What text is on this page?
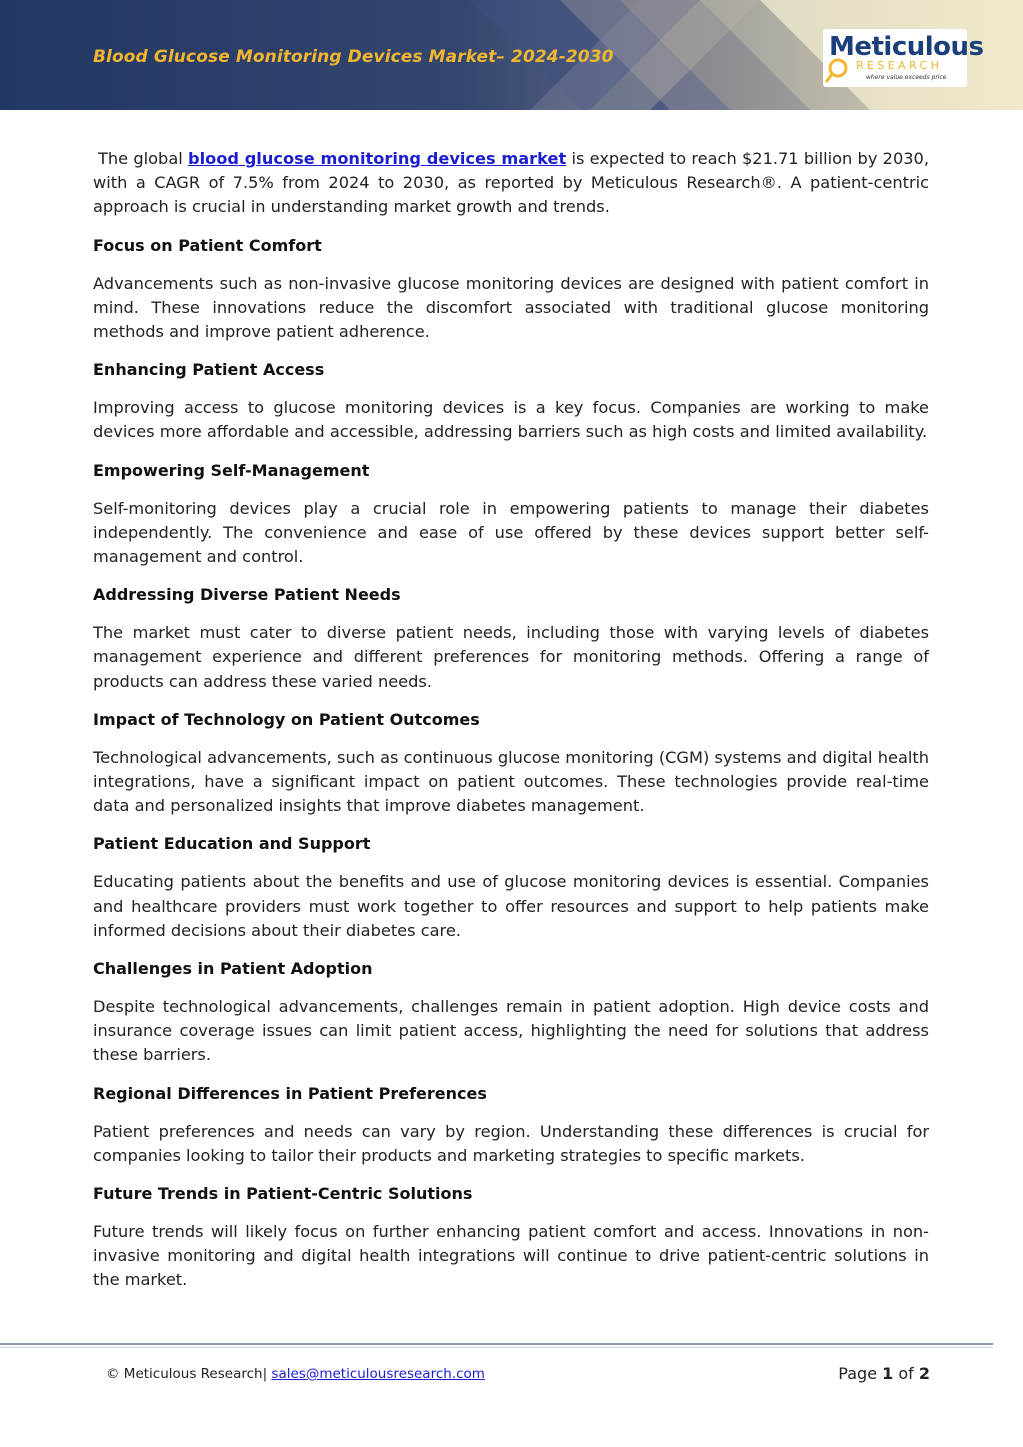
Blood Glucose Monitoring Devices Market– 2024-2030	Meticulous
RESEARCH
where value exceeds price

The global blood glucose monitoring devices market is expected to reach $21.71 billion by 2030, with a CAGR of 7.5% from 2024 to 2030, as reported by Meticulous Research®. A patient-centric approach is crucial in understanding market growth and trends.

Focus on Patient Comfort

Advancements such as non-invasive glucose monitoring devices are designed with patient comfort in mind. These innovations reduce the discomfort associated with traditional glucose monitoring methods and improve patient adherence.

Enhancing Patient Access

Improving access to glucose monitoring devices is a key focus. Companies are working to make devices more affordable and accessible, addressing barriers such as high costs and limited availability.

Empowering Self-Management

Self-monitoring devices play a crucial role in empowering patients to manage their diabetes independently. The convenience and ease of use offered by these devices support better self-management and control.

Addressing Diverse Patient Needs

The market must cater to diverse patient needs, including those with varying levels of diabetes management experience and different preferences for monitoring methods. Offering a range of products can address these varied needs.

Impact of Technology on Patient Outcomes

Technological advancements, such as continuous glucose monitoring (CGM) systems and digital health integrations, have a significant impact on patient outcomes. These technologies provide real-time data and personalized insights that improve diabetes management.

Patient Education and Support

Educating patients about the benefits and use of glucose monitoring devices is essential. Companies and healthcare providers must work together to offer resources and support to help patients make informed decisions about their diabetes care.

Challenges in Patient Adoption

Despite technological advancements, challenges remain in patient adoption. High device costs and insurance coverage issues can limit patient access, highlighting the need for solutions that address these barriers.

Regional Differences in Patient Preferences

Patient preferences and needs can vary by region. Understanding these differences is crucial for companies looking to tailor their products and marketing strategies to specific markets.

Future Trends in Patient-Centric Solutions

Future trends will likely focus on further enhancing patient comfort and access. Innovations in non-invasive monitoring and digital health integrations will continue to drive patient-centric solutions in the market.

© Meticulous Research| sales@meticulousresearch.com	Page 1 of 2
